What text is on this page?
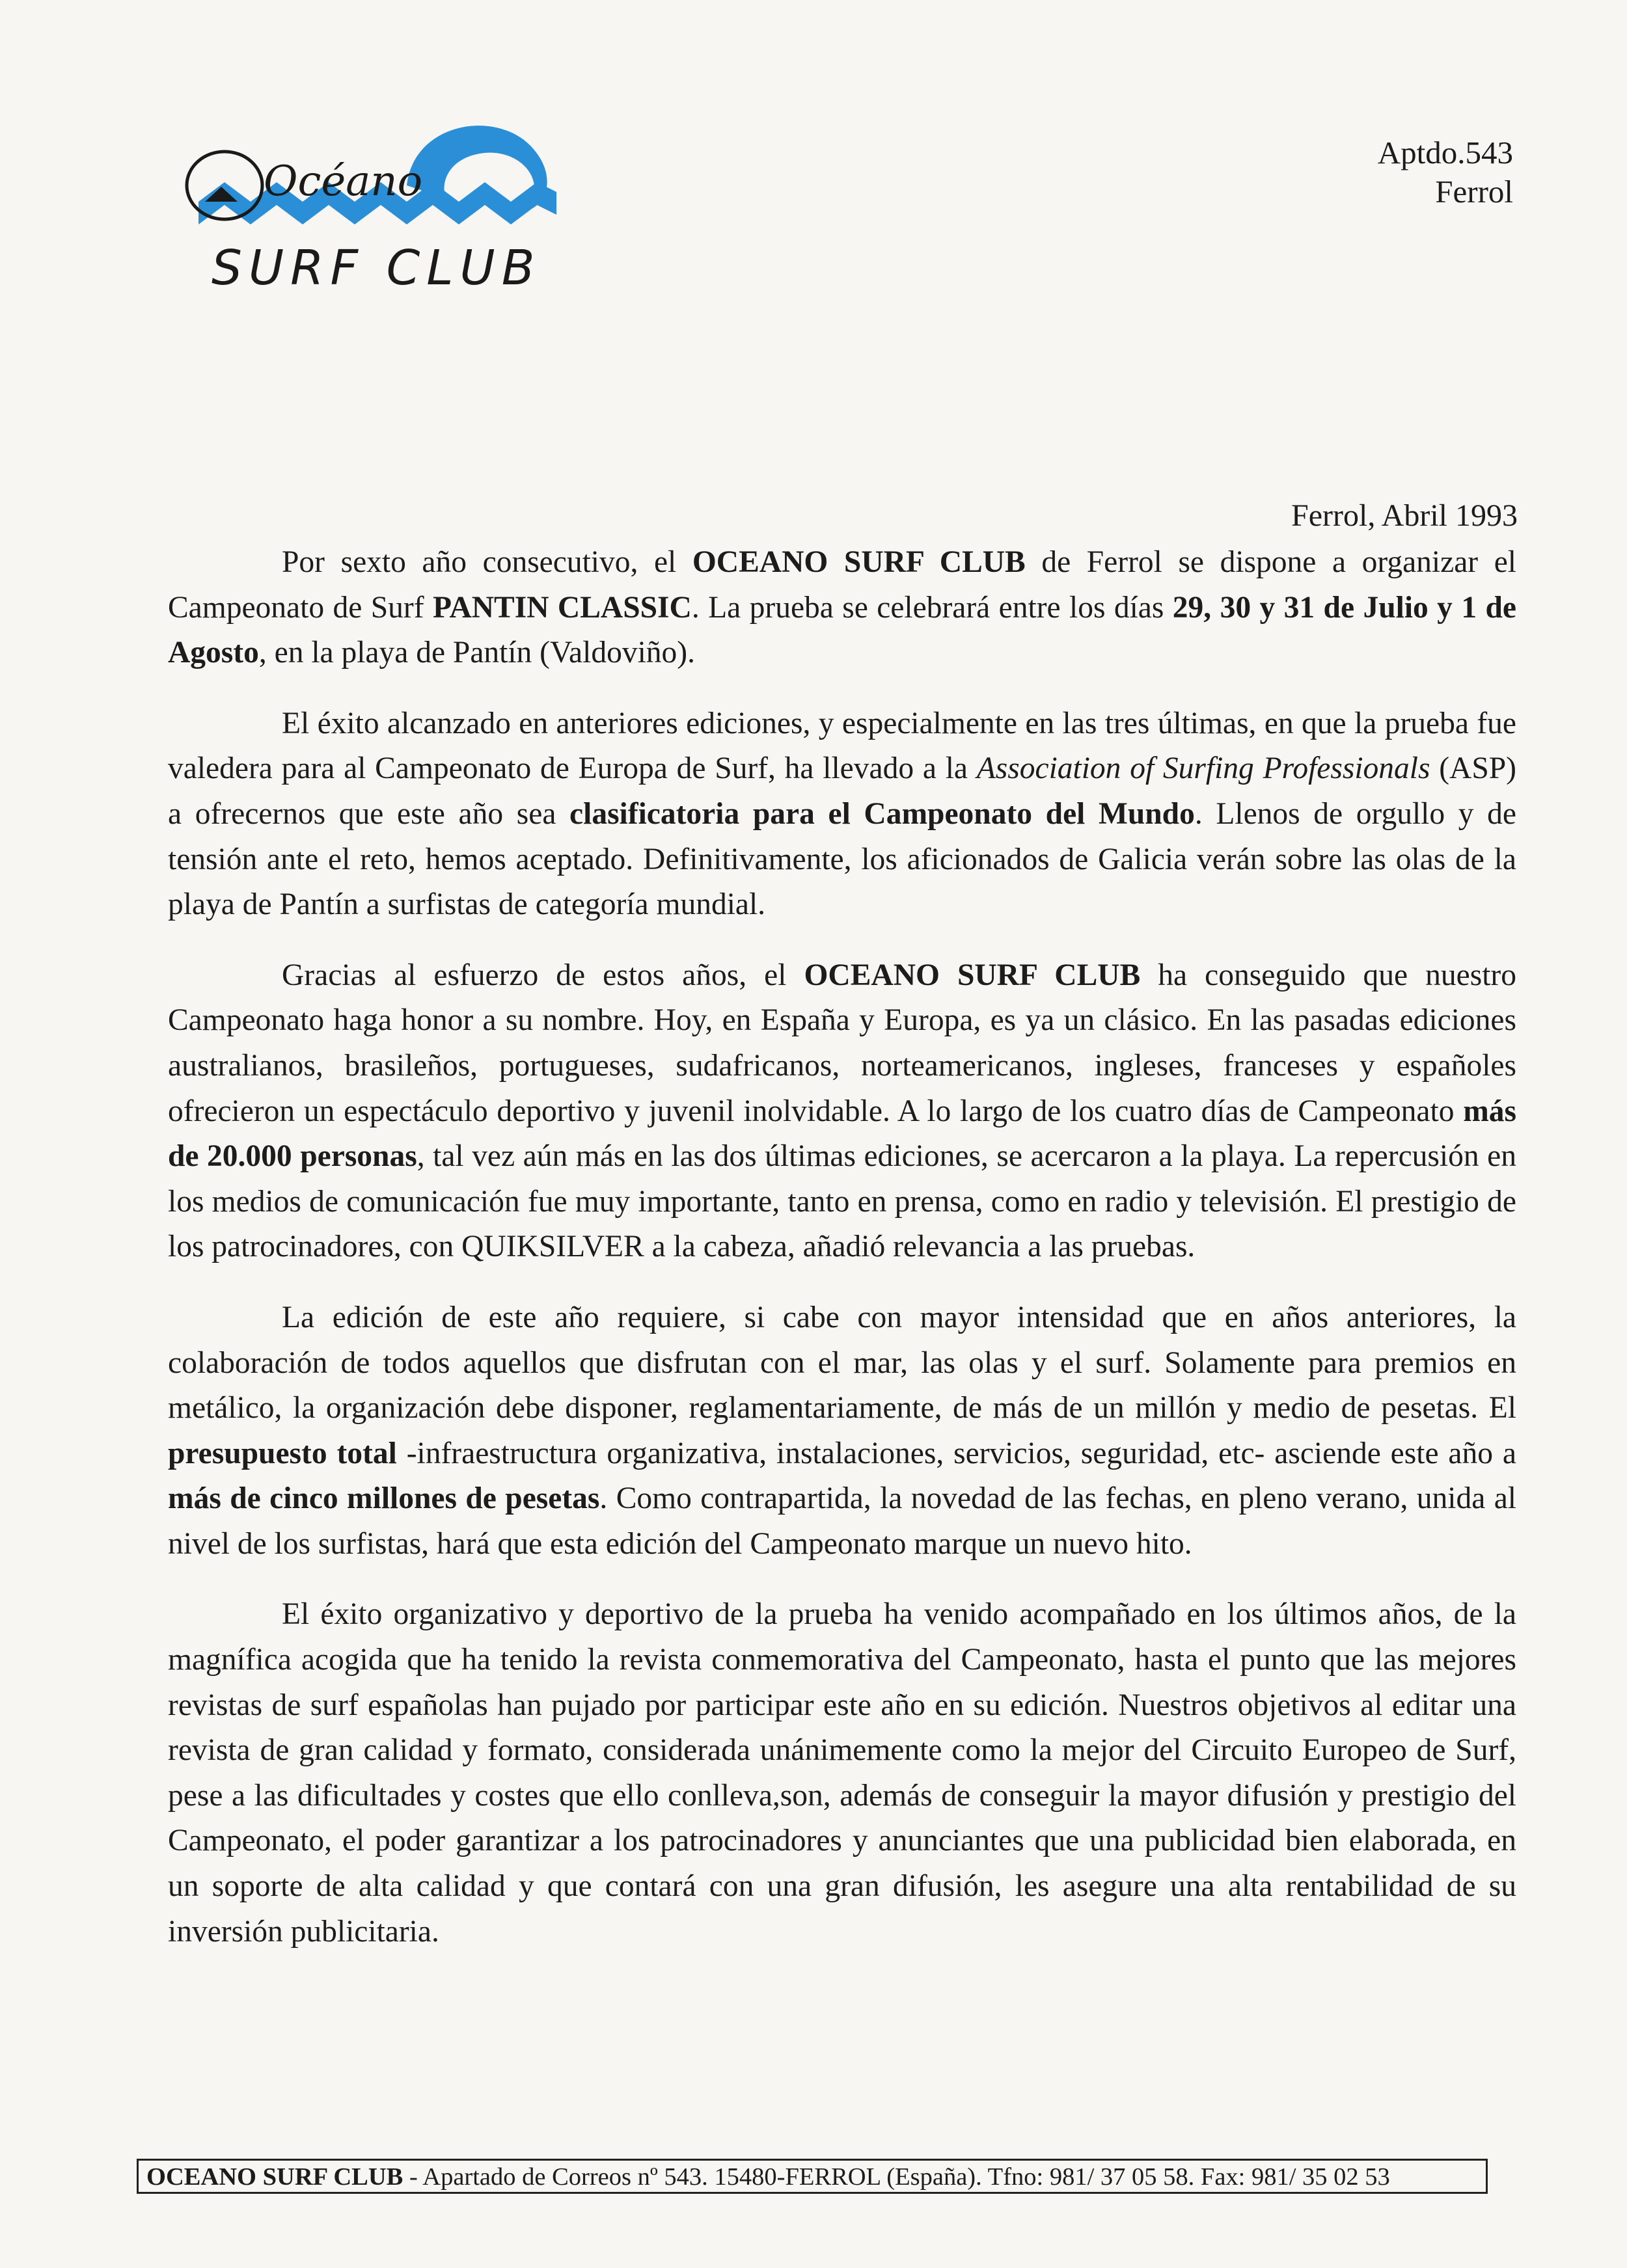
Océano
SURF CLUB
Aptdo.543
Ferrol
Ferrol, Abril 1993

Por sexto año consecutivo, el OCEANO SURF CLUB de Ferrol se dispone a organizar el Campeonato de Surf PANTIN CLASSIC. La prueba se celebrará entre los días 29, 30 y 31 de Julio y 1 de Agosto, en la playa de Pantín (Valdoviño).

El éxito alcanzado en anteriores ediciones, y especialmente en las tres últimas, en que la prueba fue valedera para al Campeonato de Europa de Surf, ha llevado a la Association of Surfing Professionals (ASP) a ofrecernos que este año sea clasificatoria para el Campeonato del Mundo. Llenos de orgullo y de tensión ante el reto, hemos aceptado. Definitivamente, los aficionados de Galicia verán sobre las olas de la playa de Pantín a surfistas de categoría mundial.

Gracias al esfuerzo de estos años, el OCEANO SURF CLUB ha conseguido que nuestro Campeonato haga honor a su nombre. Hoy, en España y Europa, es ya un clásico. En las pasadas ediciones australianos, brasileños, portugueses, sudafricanos, norteamericanos, ingleses, franceses y españoles ofrecieron un espectáculo deportivo y juvenil inolvidable. A lo largo de los cuatro días de Campeonato más de 20.000 personas, tal vez aún más en las dos últimas ediciones, se acercaron a la playa. La repercusión en los medios de comunicación fue muy importante, tanto en prensa, como en radio y televisión. El prestigio de los patrocinadores, con QUIKSILVER a la cabeza, añadió relevancia a las pruebas.

La edición de este año requiere, si cabe con mayor intensidad que en años anteriores, la colaboración de todos aquellos que disfrutan con el mar, las olas y el surf. Solamente para premios en metálico, la organización debe disponer, reglamentariamente, de más de un millón y medio de pesetas. El presupuesto total -infraestructura organizativa, instalaciones, servicios, seguridad, etc- asciende este año a más de cinco millones de pesetas. Como contrapartida, la novedad de las fechas, en pleno verano, unida al nivel de los surfistas, hará que esta edición del Campeonato marque un nuevo hito.

El éxito organizativo y deportivo de la prueba ha venido acompañado en los últimos años, de la magnífica acogida que ha tenido la revista conmemorativa del Campeonato, hasta el punto que las mejores revistas de surf españolas han pujado por participar este año en su edición. Nuestros objetivos al editar una revista de gran calidad y formato, considerada unánimemente como la mejor del Circuito Europeo de Surf, pese a las dificultades y costes que ello conlleva,son, además de conseguir la mayor difusión y prestigio del Campeonato, el poder garantizar a los patrocinadores y anunciantes que una publicidad bien elaborada, en un soporte de alta calidad y que contará con una gran difusión, les asegure una alta rentabilidad de su inversión publicitaria.

OCEANO SURF CLUB - Apartado de Correos nº 543. 15480-FERROL (España). Tfno: 981/ 37 05 58. Fax: 981/ 35 02 53
